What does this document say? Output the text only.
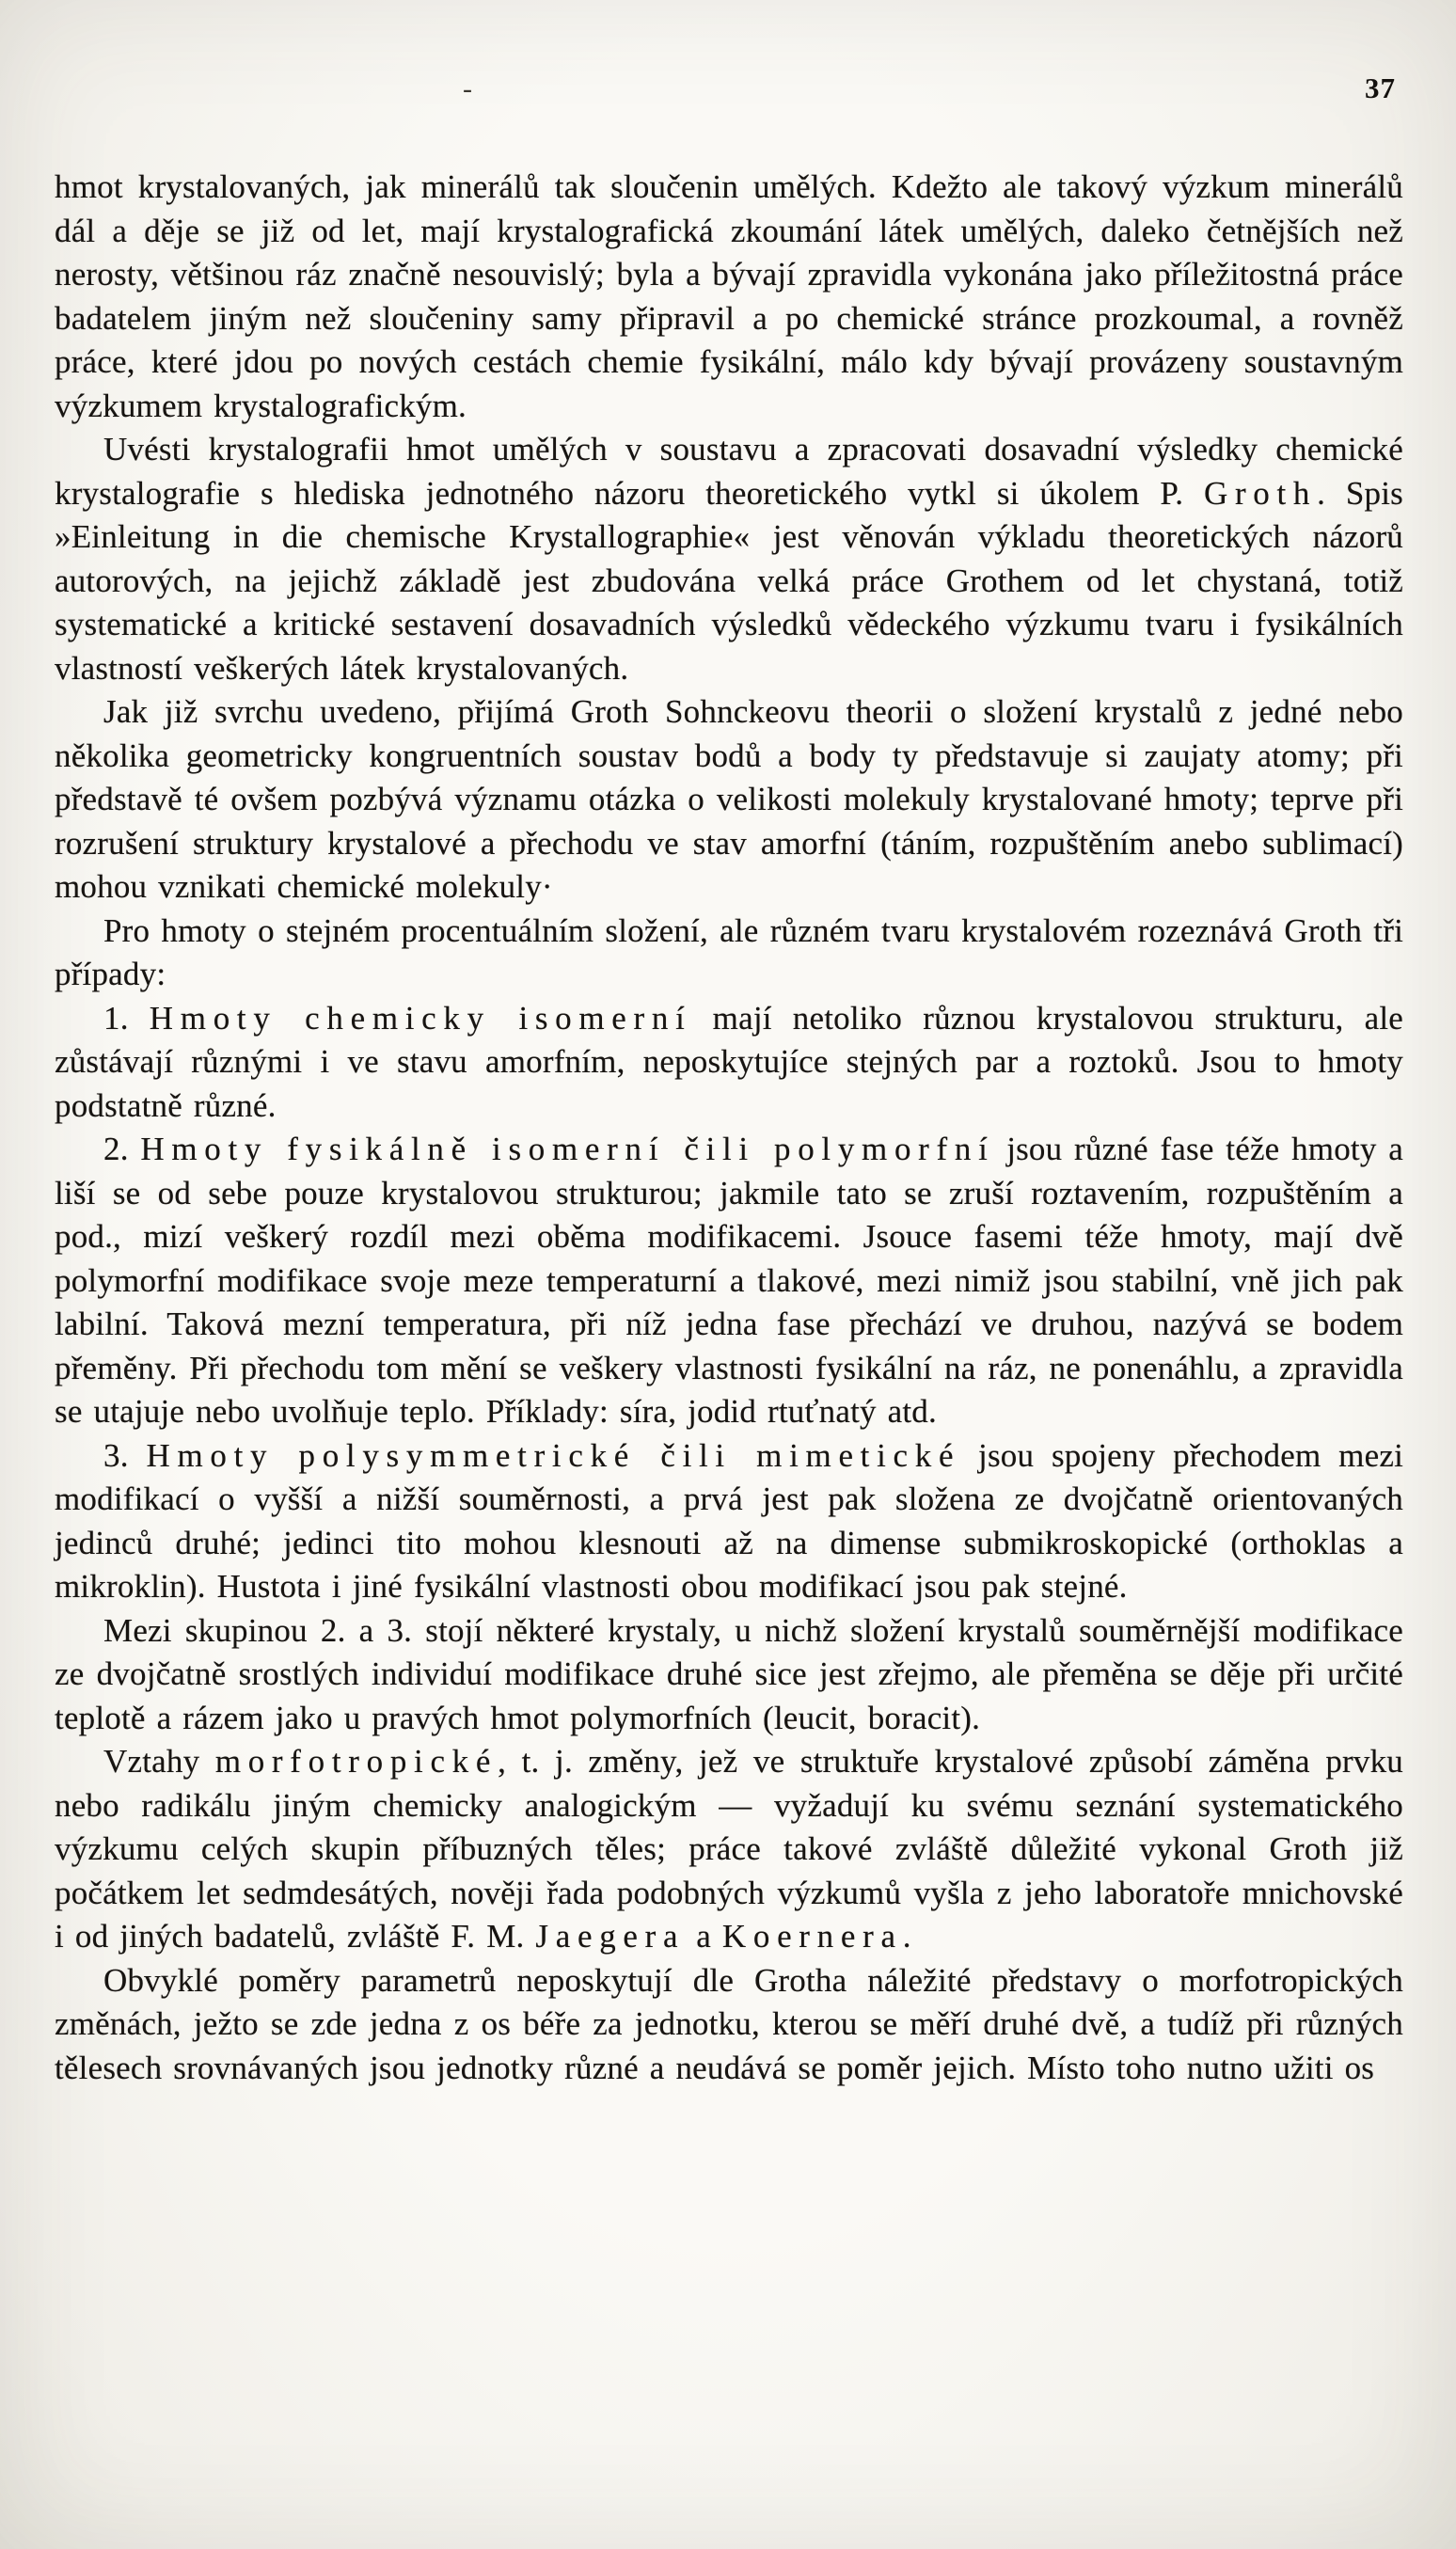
-	37

hmot krystalovaných, jak minerálů tak sloučenin umělých. Kdežto ale takový výzkum minerálů dál a děje se již od let, mají krystalografická zkoumání látek umělých, daleko četnějších než nerosty, většinou ráz značně nesouvislý; byla a bývají zpravidla vykonána jako příležitostná práce badatelem jiným než sloučeniny samy připravil a po chemické stránce prozkoumal, a rovněž práce, které jdou po nových cestách chemie fysikální, málo kdy bývají provázeny soustavným výzkumem krystalografickým.

Uvésti krystalografii hmot umělých v soustavu a zpracovati dosavadní výsledky chemické krystalografie s hlediska jednotného názoru theoretického vytkl si úkolem P. Groth. Spis »Einleitung in die chemische Krystallographie« jest věnován výkladu theoretických názorů autorových, na jejichž základě jest zbudována velká práce Grothem od let chystaná, totiž systematické a kritické sestavení dosavadních výsledků vědeckého výzkumu tvaru i fysikálních vlastností veškerých látek krystalovaných.

Jak již svrchu uvedeno, přijímá Groth Sohnckeovu theorii o složení krystalů z jedné nebo několika geometricky kongruentních soustav bodů a body ty představuje si zaujaty atomy; při představě té ovšem pozbývá významu otázka o velikosti molekuly krystalované hmoty; teprve při rozrušení struktury krystalové a přechodu ve stav amorfní (táním, rozpuštěním anebo sublimací) mohou vznikati chemické molekuly·

Pro hmoty o stejném procentuálním složení, ale různém tvaru krystalovém rozeznává Groth tři případy:

1. Hmoty chemicky isomerní mají netoliko různou krystalovou strukturu, ale zůstávají různými i ve stavu amorfním, neposkytujíce stejných par a roztoků. Jsou to hmoty podstatně různé.

2. Hmoty fysikálně isomerní čili polymorfní jsou různé fase téže hmoty a liší se od sebe pouze krystalovou strukturou; jakmile tato se zruší roztavením, rozpuštěním a pod., mizí veškerý rozdíl mezi oběma modifikacemi. Jsouce fasemi téže hmoty, mají dvě polymorfní modifikace svoje meze temperaturní a tlakové, mezi nimiž jsou stabilní, vně jich pak labilní. Taková mezní temperatura, při níž jedna fase přechází ve druhou, nazývá se bodem přeměny. Při přechodu tom mění se veškery vlastnosti fysikální na ráz, ne ponenáhlu, a zpravidla se utajuje nebo uvolňuje teplo. Příklady: síra, jodid rtuťnatý atd.

3. Hmoty polysymmetrické čili mimetické jsou spojeny přechodem mezi modifikací o vyšší a nižší souměrnosti, a prvá jest pak složena ze dvojčatně orientovaných jedinců druhé; jedinci tito mohou klesnouti až na dimense submikroskopické (orthoklas a mikroklin). Hustota i jiné fysikální vlastnosti obou modifikací jsou pak stejné.

Mezi skupinou 2. a 3. stojí některé krystaly, u nichž složení krystalů souměrnější modifikace ze dvojčatně srostlých individuí modifikace druhé sice jest zřejmo, ale přeměna se děje při určité teplotě a rázem jako u pravých hmot polymorfních (leucit, boracit).

Vztahy morfotropické, t. j. změny, jež ve struktuře krystalové způsobí záměna prvku nebo radikálu jiným chemicky analogickým — vyžadují ku svému seznání systematického výzkumu celých skupin příbuzných těles; práce takové zvláště důležité vykonal Groth již počátkem let sedmdesátých, nověji řada podobných výzkumů vyšla z jeho laboratoře mnichovské i od jiných badatelů, zvláště F. M. Jaegera a Koernera.

Obvyklé poměry parametrů neposkytují dle Grotha náležité představy o morfotropických změnách, ježto se zde jedna z os béře za jednotku, kterou se měří druhé dvě, a tudíž při různých tělesech srovnávaných jsou jednotky různé a neudává se poměr jejich. Místo toho nutno užiti os
